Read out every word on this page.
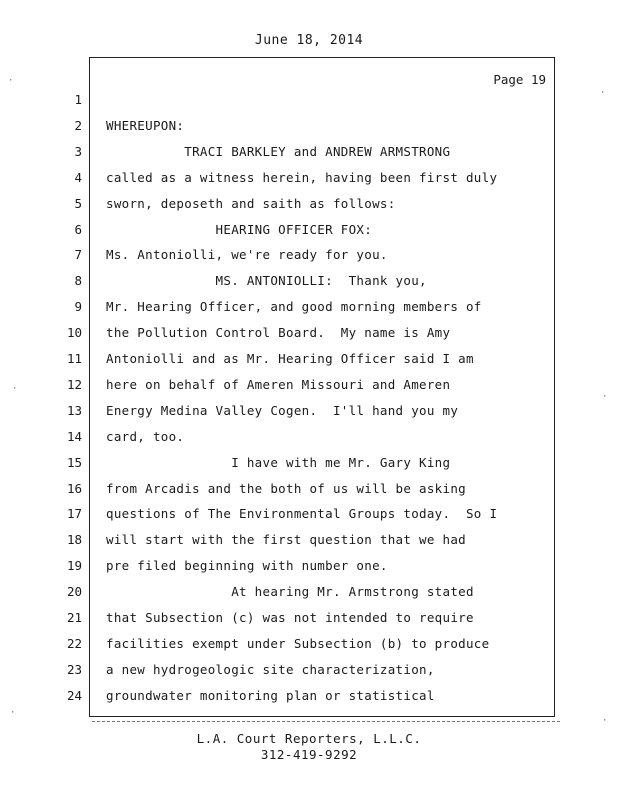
June 18, 2014
Page 19
1
2 WHEREUPON:
3 TRACI BARKLEY and ANDREW ARMSTRONG
4 called as a witness herein, having been first duly
5 sworn, deposeth and saith as follows:
6 HEARING OFFICER FOX:
7 Ms. Antoniolli, we're ready for you.
8 MS. ANTONIOLLI:  Thank you,
9 Mr. Hearing Officer, and good morning members of
10 the Pollution Control Board.  My name is Amy
11 Antoniolli and as Mr. Hearing Officer said I am
12 here on behalf of Ameren Missouri and Ameren
13 Energy Medina Valley Cogen.  I'll hand you my
14 card, too.
15 I have with me Mr. Gary King
16 from Arcadis and the both of us will be asking
17 questions of The Environmental Groups today.  So I
18 will start with the first question that we had
19 pre filed beginning with number one.
20 At hearing Mr. Armstrong stated
21 that Subsection (c) was not intended to require
22 facilities exempt under Subsection (b) to produce
23 a new hydrogeologic site characterization,
24 groundwater monitoring plan or statistical
L.A. Court Reporters, L.L.C.
312-419-9292
·
·
·
·
·
·
